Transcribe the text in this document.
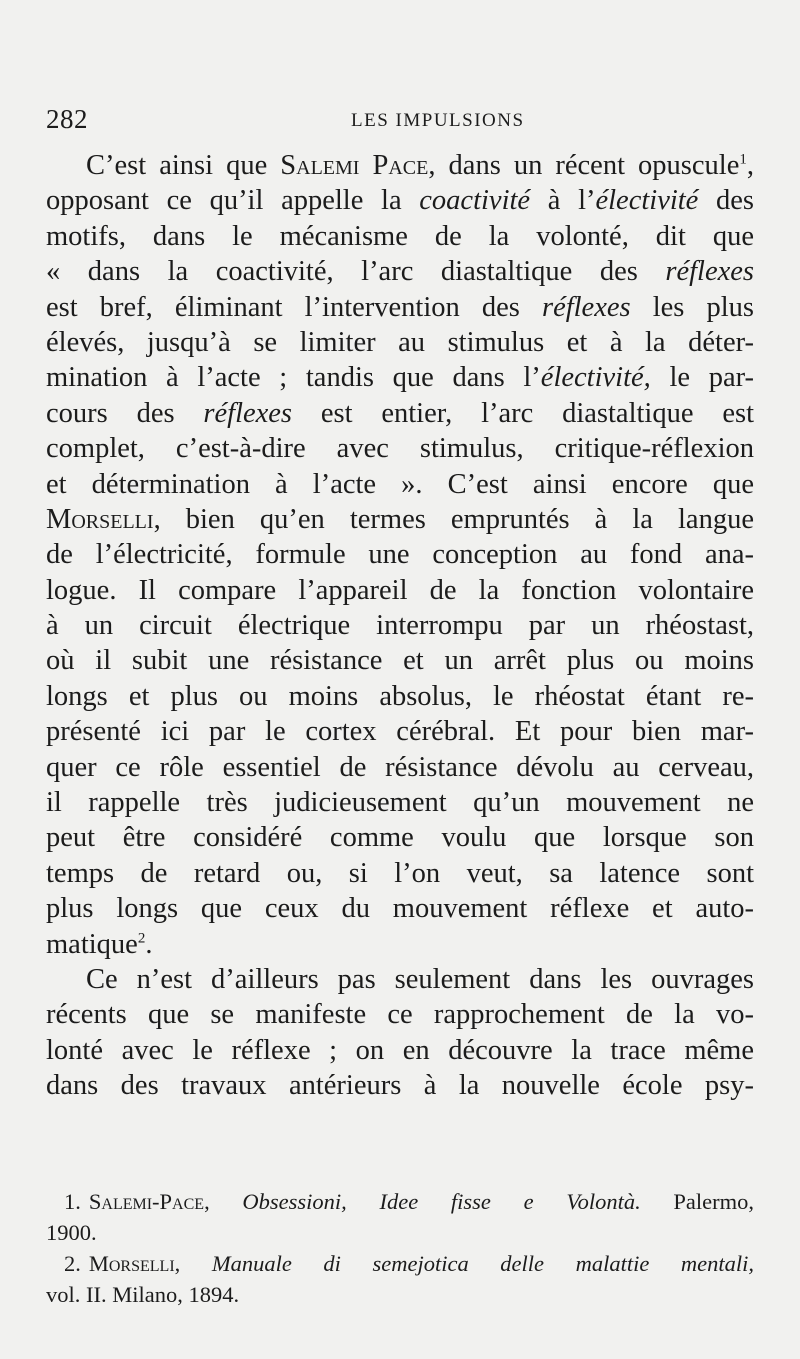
282	LES IMPULSIONS
C’est ainsi que Salemi Pace, dans un récent opuscule$^1$,
opposant ce qu’il appelle la coactivité à l’électivité des
motifs, dans le mécanisme de la volonté, dit que
« dans la coactivité, l’arc diastaltique des réflexes
est bref, éliminant l’intervention des réflexes les plus
élevés, jusqu’à se limiter au stimulus et à la déter-
mination à l’acte ; tandis que dans l’électivité, le par-
cours des réflexes est entier, l’arc diastaltique est
complet, c’est-à-dire avec stimulus, critique-réflexion
et détermination à l’acte ». C’est ainsi encore que
Morselli, bien qu’en termes empruntés à la langue
de l’électricité, formule une conception au fond ana-
logue. Il compare l’appareil de la fonction volontaire
à un circuit électrique interrompu par un rhéostast,
où il subit une résistance et un arrêt plus ou moins
longs et plus ou moins absolus, le rhéostat étant re-
présenté ici par le cortex cérébral. Et pour bien mar-
quer ce rôle essentiel de résistance dévolu au cerveau,
il rappelle très judicieusement qu’un mouvement ne
peut être considéré comme voulu que lorsque son
temps de retard ou, si l’on veut, sa latence sont
plus longs que ceux du mouvement réflexe et auto-
matique$^2$.
Ce n’est d’ailleurs pas seulement dans les ouvrages
récents que se manifeste ce rapprochement de la vo-
lonté avec le réflexe ; on en découvre la trace même
dans des travaux antérieurs à la nouvelle école psy-
1. Salemi-Pace, Obsessioni, Idee fisse e Volontà. Palermo,
1900.
2. Morselli, Manuale di semejotica delle malattie mentali,
vol. II. Milano, 1894.
